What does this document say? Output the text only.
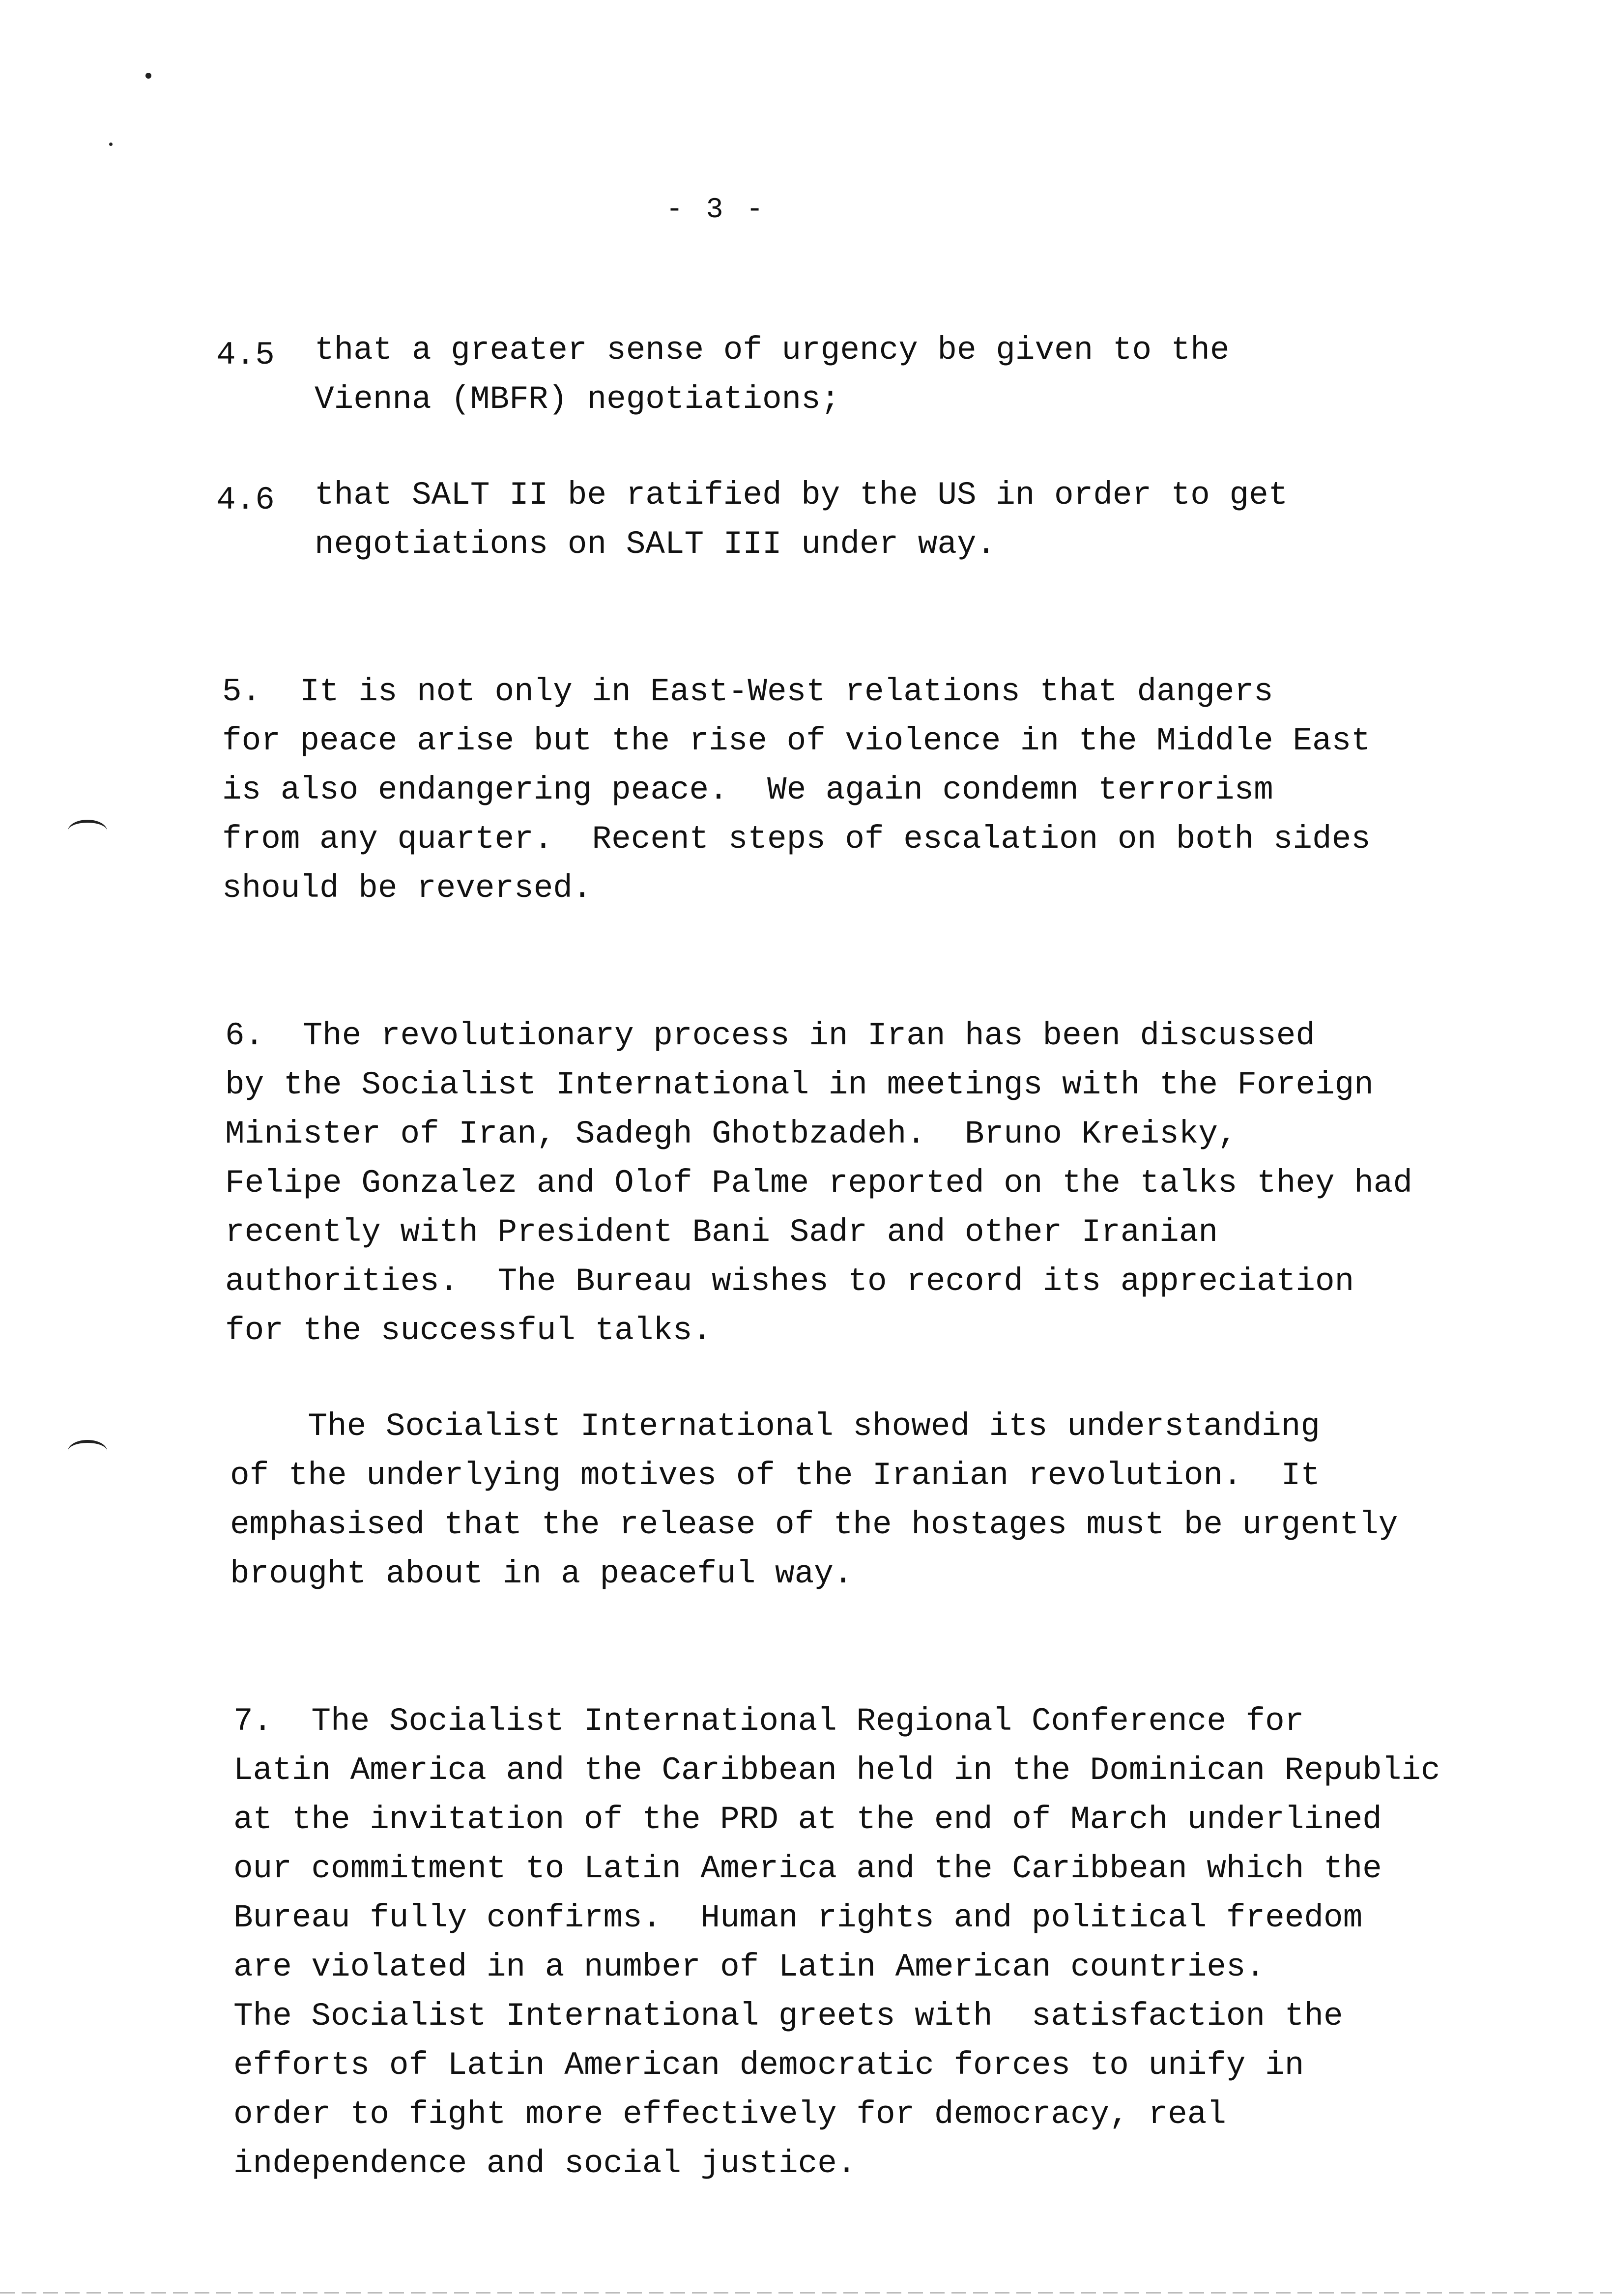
- 3 -
4.5 that a greater sense of urgency be given to the
Vienna (MBFR) negotiations;
4.6 that SALT II be ratified by the US in order to get
negotiations on SALT III under way.
5.  It is not only in East-West relations that dangers
for peace arise but the rise of violence in the Middle East
is also endangering peace.  We again condemn terrorism
from any quarter.  Recent steps of escalation on both sides
should be reversed.
6.  The revolutionary process in Iran has been discussed
by the Socialist International in meetings with the Foreign
Minister of Iran, Sadegh Ghotbzadeh.  Bruno Kreisky,
Felipe Gonzalez and Olof Palme reported on the talks they had
recently with President Bani Sadr and other Iranian
authorities.  The Bureau wishes to record its appreciation
for the successful talks.
The Socialist International showed its understanding
of the underlying motives of the Iranian revolution.  It
emphasised that the release of the hostages must be urgently
brought about in a peaceful way.
7.  The Socialist International Regional Conference for
Latin America and the Caribbean held in the Dominican Republic
at the invitation of the PRD at the end of March underlined
our commitment to Latin America and the Caribbean which the
Bureau fully confirms.  Human rights and political freedom
are violated in a number of Latin American countries.
The Socialist International greets with  satisfaction the
efforts of Latin American democratic forces to unify in
order to fight more effectively for democracy, real
independence and social justice.
